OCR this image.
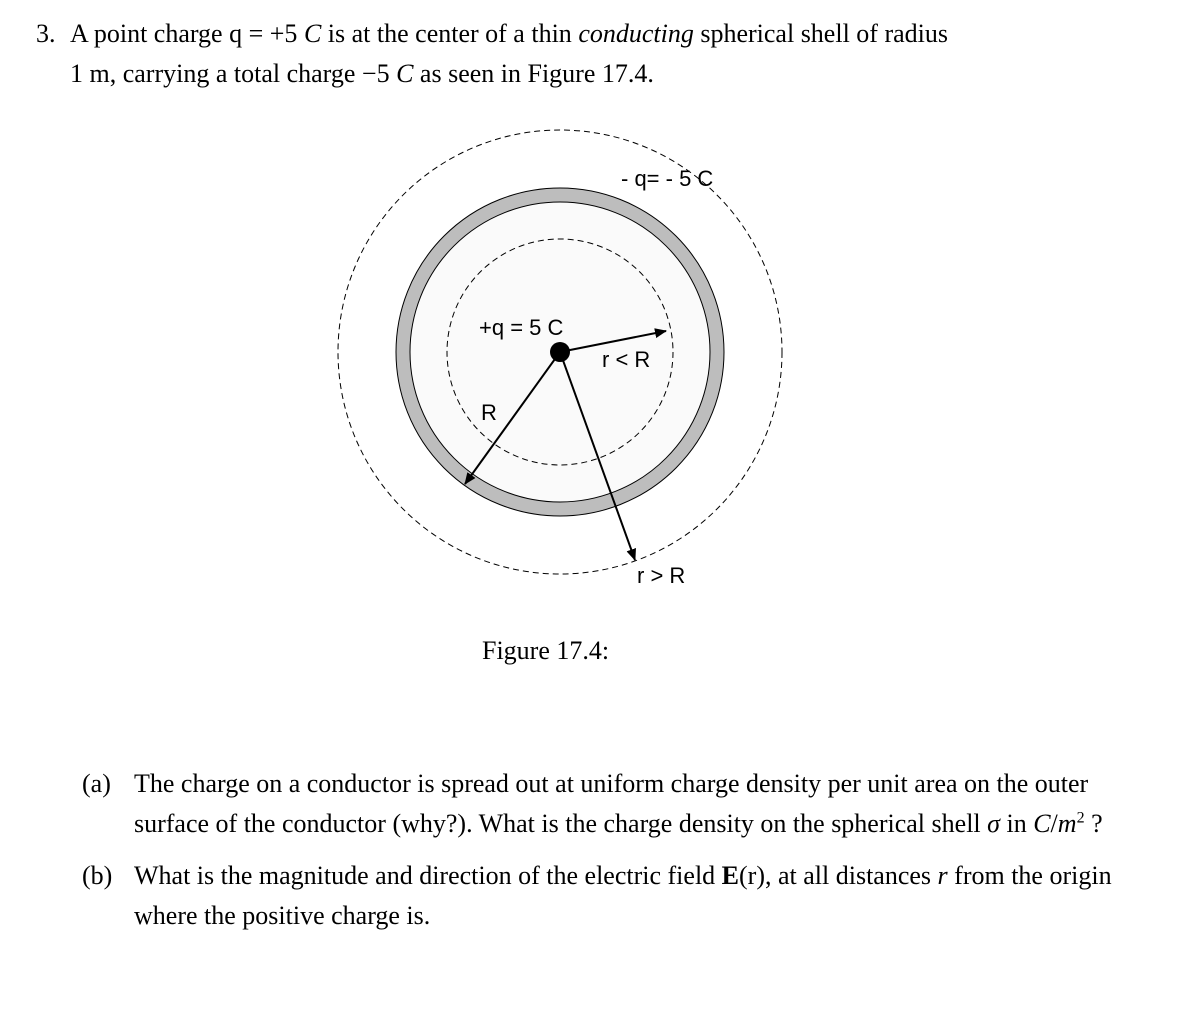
3. A point charge q = +5 C is at the center of a thin conducting spherical shell of radius
1 m, carrying a total charge −5 C as seen in Figure 17.4.
- q= - 5 C
+q = 5 C
r < R
R
r > R
Figure 17.4:
(a) The charge on a conductor is spread out at uniform charge density per unit area on the outer surface of the conductor (why?). What is the charge density on the spherical shell σ in $C/m^2$ ?
(b) What is the magnitude and direction of the electric field E(r), at all distances r from the origin where the positive charge is.
